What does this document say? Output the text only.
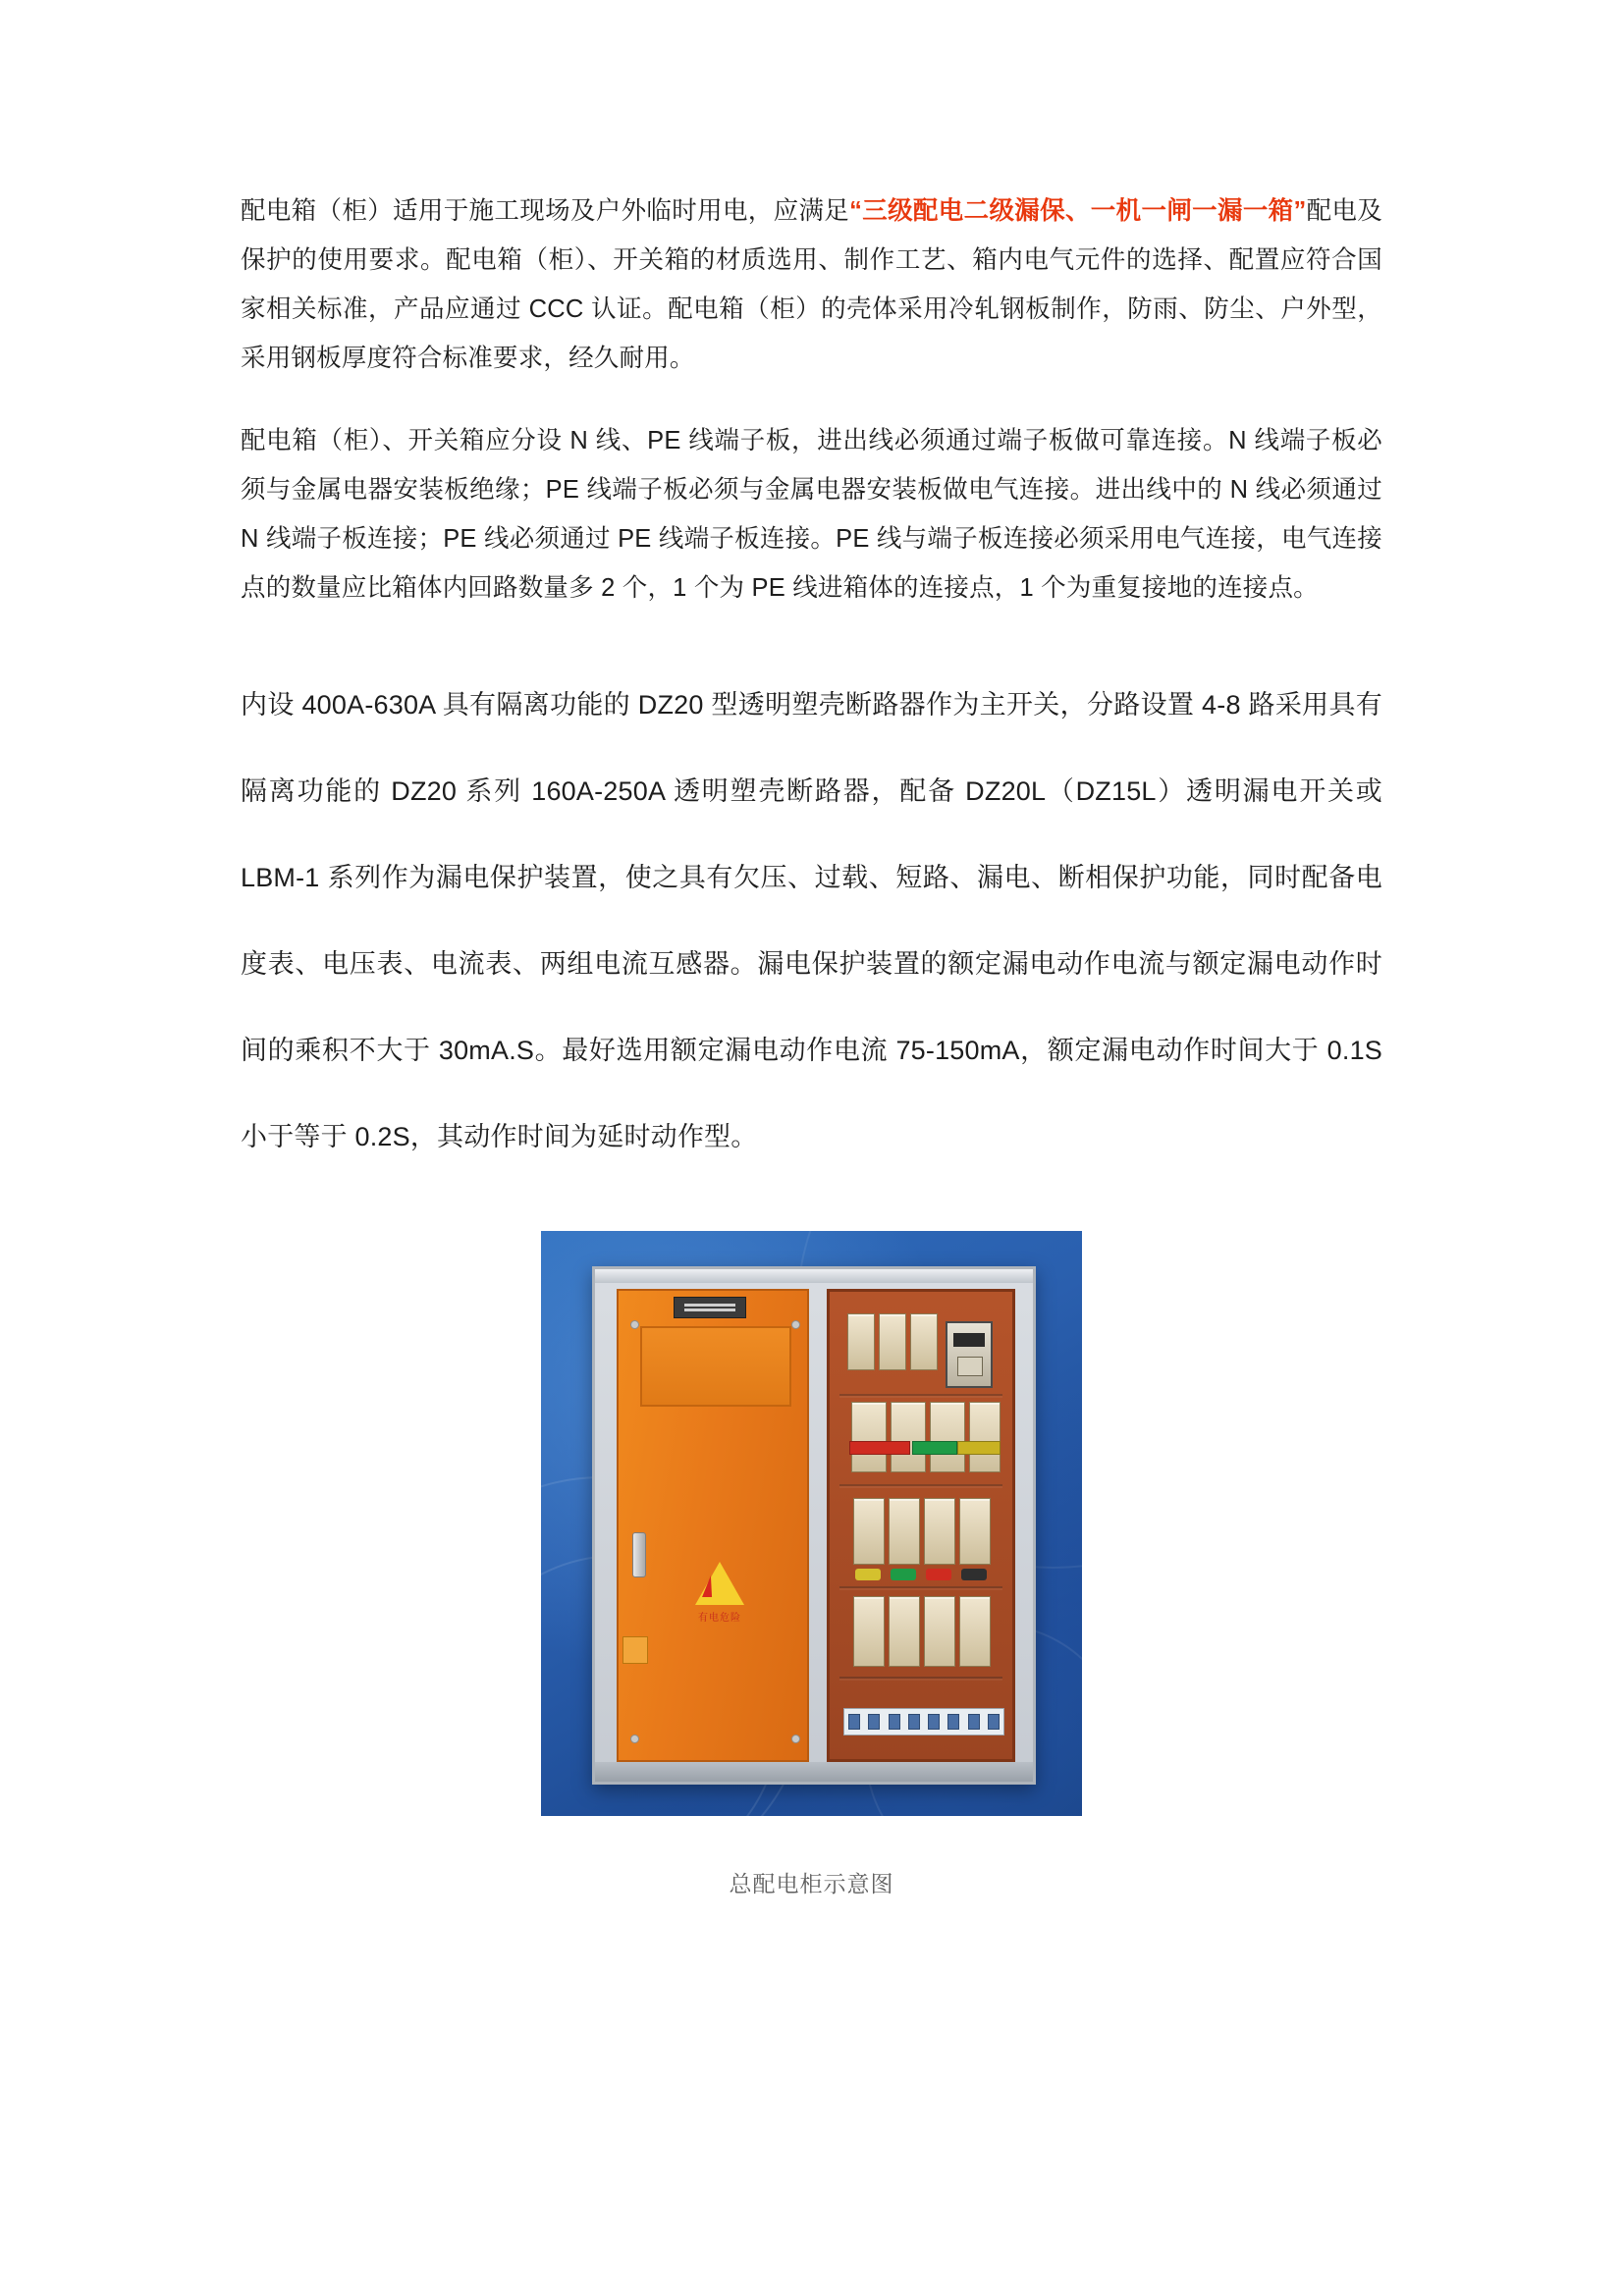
配电箱（柜）适用于施工现场及户外临时用电，应满足“三级配电二级漏保、一机一闸一漏一箱”配电及保护的使用要求。配电箱（柜）、开关箱的材质选用、制作工艺、箱内电气元件的选择、配置应符合国家相关标准，产品应通过 CCC 认证。配电箱（柜）的壳体采用冷轧钢板制作，防雨、防尘、户外型，采用钢板厚度符合标准要求，经久耐用。

配电箱（柜）、开关箱应分设 N 线、PE 线端子板，进出线必须通过端子板做可靠连接。N 线端子板必须与金属电器安装板绝缘；PE 线端子板必须与金属电器安装板做电气连接。进出线中的 N 线必须通过 N 线端子板连接；PE 线必须通过 PE 线端子板连接。PE 线与端子板连接必须采用电气连接，电气连接点的数量应比箱体内回路数量多 2 个，1 个为 PE 线进箱体的连接点，1 个为重复接地的连接点。

内设 400A-630A 具有隔离功能的 DZ20 型透明塑壳断路器作为主开关，分路设置 4-8 路采用具有隔离功能的 DZ20 系列 160A-250A 透明塑壳断路器，配备 DZ20L（DZ15L）透明漏电开关或 LBM-1 系列作为漏电保护装置，使之具有欠压、过载、短路、漏电、断相保护功能，同时配备电度表、电压表、电流表、两组电流互感器。漏电保护装置的额定漏电动作电流与额定漏电动作时间的乘积不大于 30mA.S。最好选用额定漏电动作电流 75-150mA，额定漏电动作时间大于 0.1S 小于等于 0.2S，其动作时间为延时动作型。

有电危险
总配电柜示意图
